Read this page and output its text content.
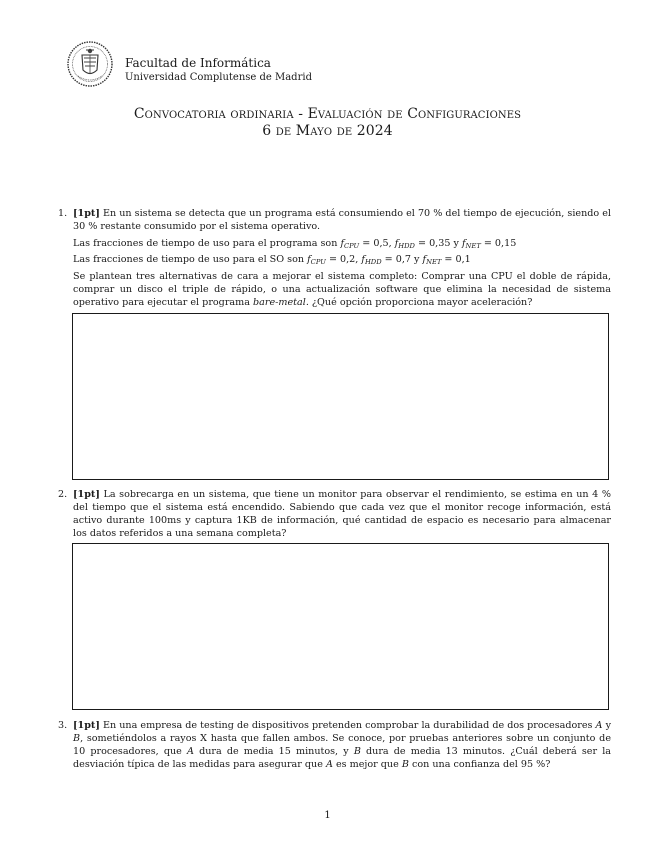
Facultad de Informática
Universidad Complutense de Madrid
Convocatoria ordinaria - Evaluación de Configuraciones
6 de Mayo de 2024
1. [1pt] En un sistema se detecta que un programa está consumiendo el 70 % del tiempo de ejecución, siendo el 30 % restante consumido por el sistema operativo.

Las fracciones de tiempo de uso para el programa son $f_{CPU} = 0,5$, $f_{HDD} = 0,35$ y $f_{NET} = 0,15$

Las fracciones de tiempo de uso para el SO son $f_{CPU} = 0,2$, $f_{HDD} = 0,7$ y $f_{NET} = 0,1$

Se plantean tres alternativas de cara a mejorar el sistema completo: Comprar una CPU el doble de rápida, comprar un disco el triple de rápido, o una actualización software que elimina la necesidad de sistema operativo para ejecutar el programa bare-metal. ¿Qué opción proporciona mayor aceleración?

2. [1pt] La sobrecarga en un sistema, que tiene un monitor para observar el rendimiento, se estima en un 4 % del tiempo que el sistema está encendido. Sabiendo que cada vez que el monitor recoge información, está activo durante 100ms y captura 1KB de información, qué cantidad de espacio es necesario para almacenar los datos referidos a una semana completa?

3. [1pt] En una empresa de testing de dispositivos pretenden comprobar la durabilidad de dos procesadores A y B, sometiéndolos a rayos X hasta que fallen ambos. Se conoce, por pruebas anteriores sobre un conjunto de 10 procesadores, que A dura de media 15 minutos, y B dura de media 13 minutos. ¿Cuál deberá ser la desviación típica de las medidas para asegurar que A es mejor que B con una confianza del 95 %?

1
